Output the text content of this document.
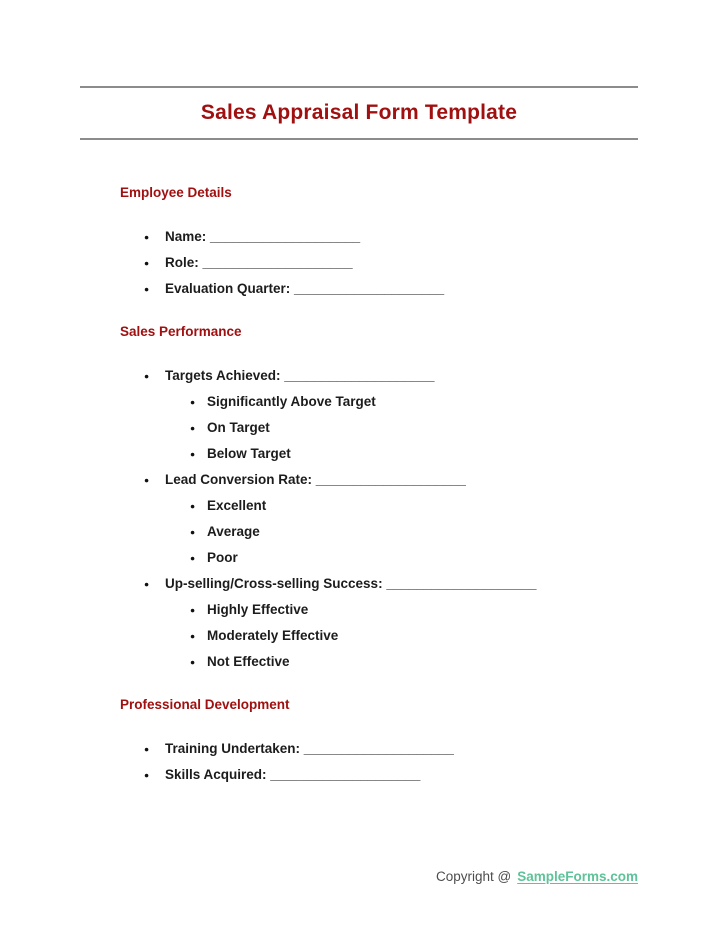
Sales Appraisal Form Template
Employee Details
● Name: ____________________
● Role: ____________________
● Evaluation Quarter: ____________________
Sales Performance
● Targets Achieved: ____________________
● Significantly Above Target
● On Target
● Below Target
● Lead Conversion Rate: ____________________
● Excellent
● Average
● Poor
● Up-selling/Cross-selling Success: ____________________
● Highly Effective
● Moderately Effective
● Not Effective
Professional Development
● Training Undertaken: ____________________
● Skills Acquired: ____________________
Copyright @ SampleForms.com
